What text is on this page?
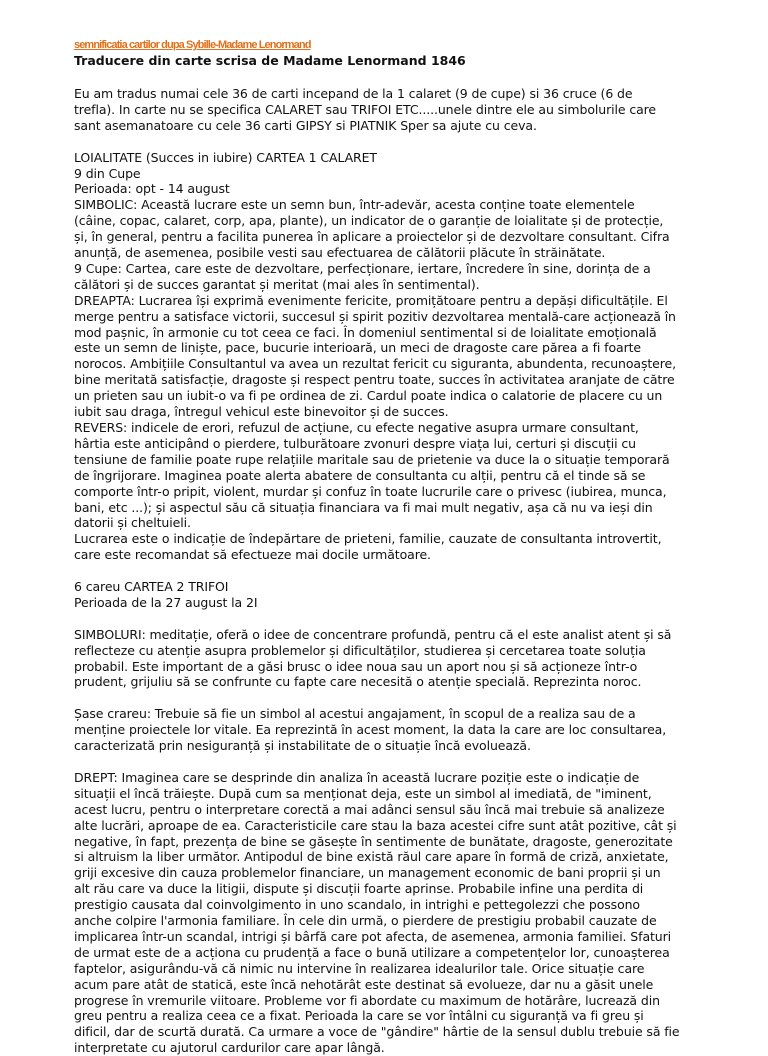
semnificatia cartilor dupa Sybille-Madame Lenormand
Traducere din carte scrisa de Madame Lenormand 1846

Eu am tradus numai cele 36 de carti incepand de la 1 calaret (9 de cupe) si 36 cruce (6 de
trefla). In carte nu se specifica CALARET sau TRIFOI ETC.....unele dintre ele au simbolurile care
sant asemanatoare cu cele 36 carti GIPSY si PIATNIK Sper sa ajute cu ceva.

LOIALITATE (Succes in iubire) CARTEA 1 CALARET
9 din Cupe
Perioada: opt - 14 august
SIMBOLIC: Această lucrare este un semn bun, într-adevăr, acesta conține toate elementele
(câine, copac, calaret, corp, apa, plante), un indicator de o garanție de loialitate și de protecție,
și, în general, pentru a facilita punerea în aplicare a proiectelor și de dezvoltare consultant. Cifra
anunță, de asemenea, posibile vesti sau efectuarea de călătorii plăcute în străinătate.
9 Cupe: Cartea, care este de dezvoltare, perfecționare, iertare, încredere în sine, dorința de a
călători și de succes garantat și meritat (mai ales în sentimental).
DREAPTA: Lucrarea își exprimă evenimente fericite, promițătoare pentru a depăși dificultățile. El
merge pentru a satisface victorii, succesul și spirit pozitiv dezvoltarea mentală-care acționează în
mod pașnic, în armonie cu tot ceea ce faci. În domeniul sentimental si de loialitate emoțională
este un semn de liniște, pace, bucurie interioară, un meci de dragoste care părea a fi foarte
norocos. Ambițiile Consultantul va avea un rezultat fericit cu siguranta, abundenta, recunoaștere,
bine meritată satisfacție, dragoste și respect pentru toate, succes în activitatea aranjate de către
un prieten sau un iubit-o va fi pe ordinea de zi. Cardul poate indica o calatorie de placere cu un
iubit sau draga, întregul vehicul este binevoitor și de succes.
REVERS: indicele de erori, refuzul de acțiune, cu efecte negative asupra urmare consultant,
hârtia este anticipând o pierdere, tulburătoare zvonuri despre viața lui, certuri și discuții cu
tensiune de familie poate rupe relațiile maritale sau de prietenie va duce la o situație temporară
de îngrijorare. Imaginea poate alerta abatere de consultanta cu alții, pentru că el tinde să se
comporte într-o pripit, violent, murdar și confuz în toate lucrurile care o privesc (iubirea, munca,
bani, etc ...); și aspectul său că situația financiara va fi mai mult negativ, așa că nu va ieși din
datorii și cheltuieli.
Lucrarea este o indicație de îndepărtare de prieteni, familie, cauzate de consultanta introvertit,
care este recomandat să efectueze mai docile următoare.

6 careu CARTEA 2 TRIFOI
Perioada de la 27 august la 2I

SIMBOLURI: meditație, oferă o idee de concentrare profundă, pentru că el este analist atent și să
reflecteze cu atenție asupra problemelor și dificultăților, studierea și cercetarea toate soluția
probabil. Este important de a găsi brusc o idee noua sau un aport nou și să acționeze într-o
prudent, grijuliu să se confrunte cu fapte care necesită o atenție specială. Reprezinta noroc.

Șase crareu: Trebuie să fie un simbol al acestui angajament, în scopul de a realiza sau de a
menține proiectele lor vitale. Ea reprezintă în acest moment, la data la care are loc consultarea,
caracterizată prin nesiguranță și instabilitate de o situație încă evoluează.

DREPT: Imaginea care se desprinde din analiza în această lucrare poziție este o indicație de
situații el încă trăiește. După cum sa menționat deja, este un simbol al imediată, de "iminent,
acest lucru, pentru o interpretare corectă a mai adânci sensul său încă mai trebuie să analizeze
alte lucrări, aproape de ea. Caracteristicile care stau la baza acestei cifre sunt atât pozitive, cât și
negative, în fapt, prezența de bine se găsește în sentimente de bunătate, dragoste, generozitate
si altruism la liber următor. Antipodul de bine există răul care apare în formă de criză, anxietate,
griji excesive din cauza problemelor financiare, un management economic de bani proprii și un
alt rău care va duce la litigii, dispute și discuții foarte aprinse. Probabile infine una perdita di
prestigio causata dal coinvolgimento in uno scandalo, in intrighi e pettegolezzi che possono
anche colpire l'armonia familiare. În cele din urmă, o pierdere de prestigiu probabil cauzate de
implicarea într-un scandal, intrigi și bârfă care pot afecta, de asemenea, armonia familiei. Sfaturi
de urmat este de a acționa cu prudență a face o bună utilizare a competențelor lor, cunoașterea
faptelor, asigurându-vă că nimic nu intervine în realizarea idealurilor tale. Orice situație care
acum pare atât de statică, este încă nehotărât este destinat să evolueze, dar nu a găsit unele
progrese în vremurile viitoare. Probleme vor fi abordate cu maximum de hotărâre, lucrează din
greu pentru a realiza ceea ce a fixat. Perioada la care se vor întâlni cu siguranță va fi greu și
dificil, dar de scurtă durată. Ca urmare a voce de "gândire" hârtie de la sensul dublu trebuie să fie
interpretate cu ajutorul cardurilor care apar lângă.
